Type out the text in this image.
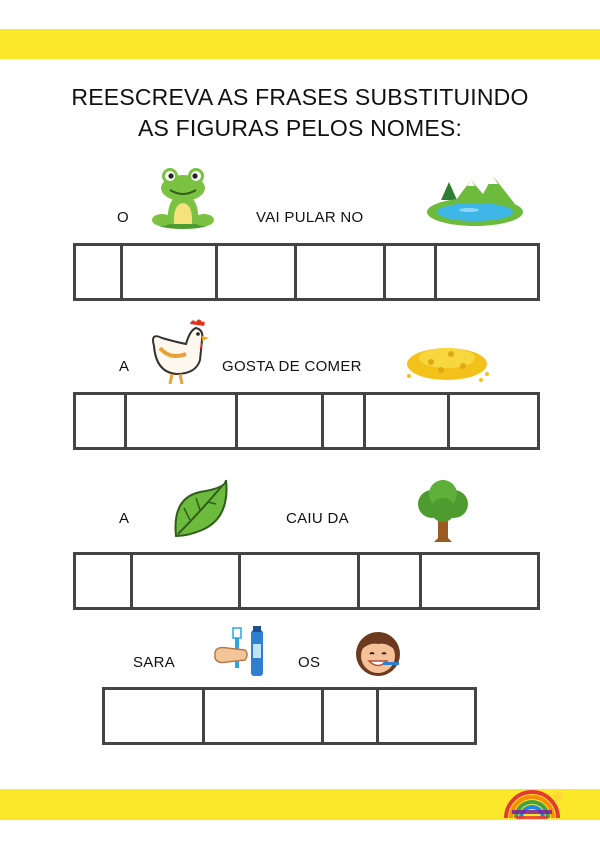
REESCREVA AS FRASES SUBSTITUINDO
AS FIGURAS PELOS NOMES:
O	VAI PULAR NO
A	GOSTA DE COMER
A	CAIU DA
SARA	OS
